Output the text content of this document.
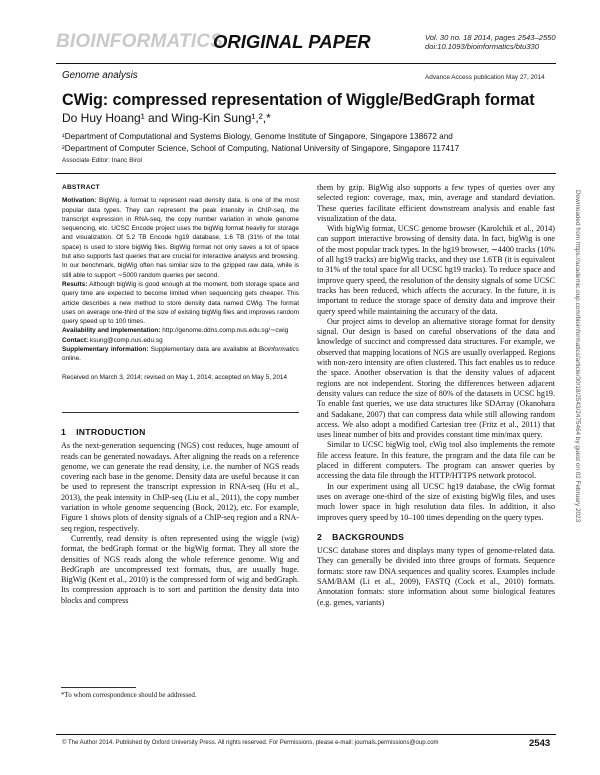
BIOINFORMATICS
ORIGINAL PAPER	Vol. 30 no. 18 2014, pages 2543–2550
doi:10.1093/bioinformatics/btu330
Genome analysis	Advance Access publication May 27, 2014
CWig: compressed representation of Wiggle/BedGraph format
Do Huy Hoang¹ and Wing-Kin Sung¹,²,*
¹Department of Computational and Systems Biology, Genome Institute of Singapore, Singapore 138672 and
²Department of Computer Science, School of Computing, National University of Singapore, Singapore 117417
Associate Editor: Inanc Birol
ABSTRACT

Motivation: BigWig, a format to represent read density data, is one of the most popular data types. They can represent the peak intensity in ChIP-seq, the transcript expression in RNA-seq, the copy number variation in whole genome sequencing, etc. UCSC Encode project uses the bigWig format heavily for storage and visualization. Of 5.2 TB Encode hg19 database, 1.6 TB (31% of the total space) is used to store bigWig files. BigWig format not only saves a lot of space but also supports fast queries that are crucial for interactive analysis and browsing. In our benchmark, bigWig often has similar size to the gzipped raw data, while is still able to support ∼5000 random queries per second.

Results: Although bigWig is good enough at the moment, both storage space and query time are expected to become limited when sequencing gets cheaper. This article describes a new method to store density data named CWig. The format uses on average one-third of the size of existing bigWig files and improves random query speed up to 100 times.

Availability and implementation: http://genome.ddns.comp.nus.edu.sg/∼cwig

Contact: ksung@comp.nus.edu.sg

Supplementary information: Supplementary data are available at Bioinformatics online.

Received on March 3, 2014; revised on May 1, 2014; accepted on May 5, 2014

1 INTRODUCTION

As the next-generation sequencing (NGS) cost reduces, huge amount of reads can be generated nowadays. After aligning the reads on a reference genome, we can generate the read density, i.e. the number of NGS reads covering each base in the genome. Density data are useful because it can be used to represent the transcript expression in RNA-seq (Hu et al., 2013), the peak intensity in ChIP-seq (Liu et al., 2011), the copy number variation in whole genome sequencing (Bock, 2012), etc. For example, Figure 1 shows plots of density signals of a ChIP-seq region and a RNA-seq region, respectively.

Currently, read density is often represented using the wiggle (wig) format, the bedGraph format or the bigWig format. They all store the densities of NGS reads along the whole reference genome. Wig and BedGraph are uncompressed text formats, thus, are usually huge. BigWig (Kent et al., 2010) is the compressed form of wig and bedGraph. Its compression approach is to sort and partition the density data into blocks and compress

*To whom correspondence should be addressed.

them by gzip. BigWig also supports a few types of queries over any selected region: coverage, max, min, average and standard deviation. These queries facilitate efficient downstream analysis and enable fast visualization of the data.

With bigWig format, UCSC genome browser (Karolchik et al., 2014) can support interactive browsing of density data. In fact, bigWig is one of the most popular track types. In the hg19 browser, ∼4400 tracks (10% of all hg19 tracks) are bigWig tracks, and they use 1.6TB (it is equivalent to 31% of the total space for all UCSC hg19 tracks). To reduce space and improve query speed, the resolution of the density signals of some UCSC tracks has been reduced, which affects the accuracy. In the future, it is important to reduce the storage space of density data and improve their query speed while maintaining the accuracy of the data.

Our project aims to develop an alternative storage format for density signal. Our design is based on careful observations of the data and knowledge of succinct and compressed data structures. For example, we observed that mapping locations of NGS are usually overlapped. Regions with non-zero intensity are often clustered. This fact enables us to reduce the space. Another observation is that the density values of adjacent regions are not independent. Storing the differences between adjacent density values can reduce the size of 80% of the datasets in UCSC hg19. To enable fast queries, we use data structures like SDArray (Okanohara and Sadakane, 2007) that can compress data while still allowing random access. We also adopt a modified Cartesian tree (Fritz et al., 2011) that uses linear number of bits and provides constant time min/max query.

Similar to UCSC bigWig tool, cWig tool also implements the remote file access feature. In this feature, the program and the data file can be placed in different computers. The program can answer queries by accessing the data file through the HTTP/HTTPS network protocol.

In our experiment using all UCSC hg19 database, the cWig format uses on average one-third of the size of existing bigWig files, and uses much lower space in high resolution data files. In addition, it also improves query speed by 10–100 times depending on the query types.

2 BACKGROUNDS

UCSC database stores and displays many types of genome-related data. They can generally be divided into three groups of formats. Sequence formats: store raw DNA sequences and quality scores. Examples include SAM/BAM (Li et al., 2009), FASTQ (Cock et al., 2010) formats. Annotation formats: store information about some biological features (e.g. genes, variants)

© The Author 2014. Published by Oxford University Press. All rights reserved. For Permissions, please e-mail: journals.permissions@oup.com	2543
Downloaded from https://academic.oup.com/bioinformatics/article/30/18/2543/2475464 by guest on 02 February 2023
